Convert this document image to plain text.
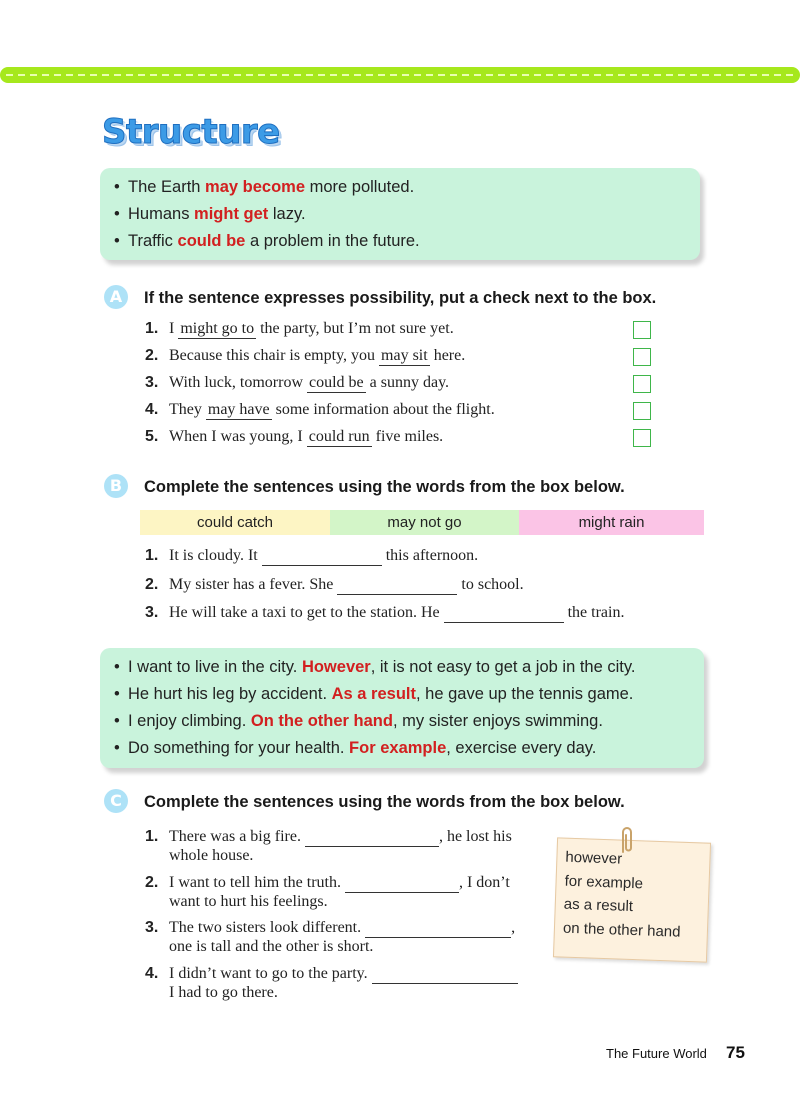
Structure
• The Earth may become more polluted.
• Humans might get lazy.
• Traffic could be a problem in the future.
A	If the sentence expresses possibility, put a check next to the box.
1. I might go to the party, but I’m not sure yet.
2. Because this chair is empty, you may sit here.
3. With luck, tomorrow could be a sunny day.
4. They may have some information about the flight.
5. When I was young, I could run five miles.
B	Complete the sentences using the words from the box below.
could catch	may not go	might rain
1. It is cloudy. It	this afternoon.
2. My sister has a fever. She	to school.
3. He will take a taxi to get to the station. He	the train.
• I want to live in the city. However, it is not easy to get a job in the city.
• He hurt his leg by accident. As a result, he gave up the tennis game.
• I enjoy climbing. On the other hand, my sister enjoys swimming.
• Do something for your health. For example, exercise every day.
C	Complete the sentences using the words from the box below.
1. There was a big fire.	, he lost his
whole house.
2. I want to tell him the truth.	, I don’t
want to hurt his feelings.
3. The two sisters look different.	,
one is tall and the other is short.
4. I didn’t want to go to the party.
I had to go there.
however
for example
as a result
on the other hand
The Future World 75
